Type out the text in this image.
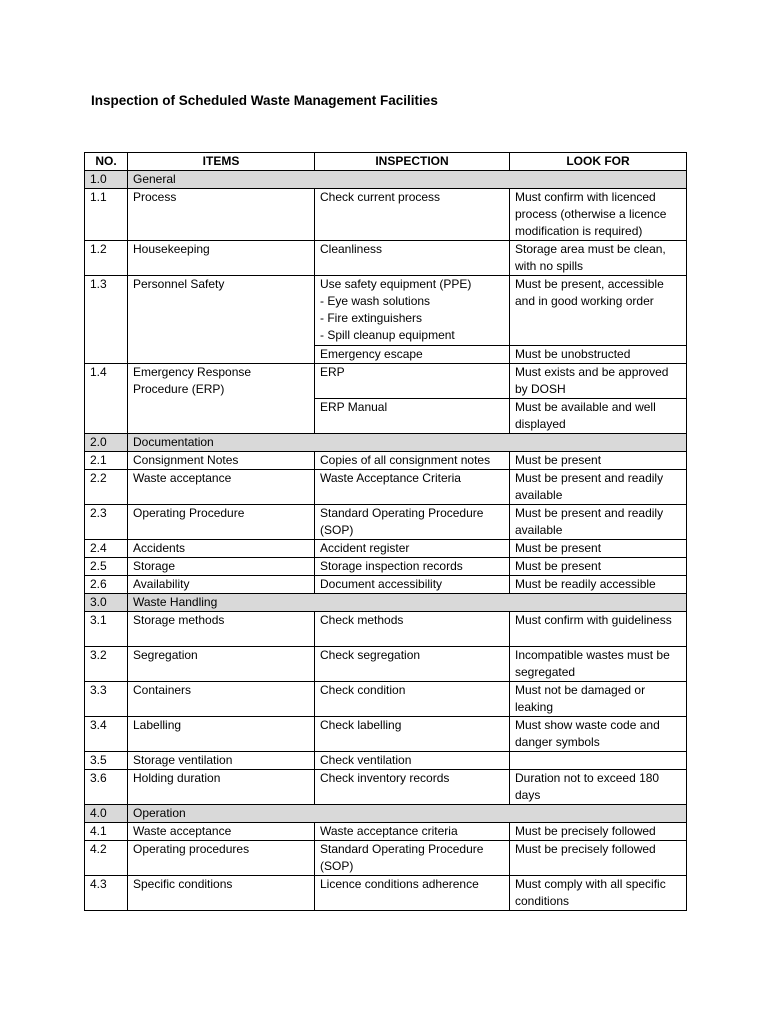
Inspection of Scheduled Waste Management Facilities
NO.	ITEMS	INSPECTION	LOOK FOR
1.0	General		
1.1	Process	Check current process	Must confirm with licenced process (otherwise a licence modification is required)
1.2	Housekeeping	Cleanliness	Storage area must be clean, with no spills
1.3	Personnel Safety	Use safety equipment (PPE)
- Eye wash solutions
- Fire extinguishers
- Spill cleanup equipment	Must be present, accessible and in good working order
		Emergency escape	Must be unobstructed
1.4	Emergency Response Procedure (ERP)	ERP	Must exists and be approved by DOSH
		ERP Manual	Must be available and well displayed
2.0	Documentation		
2.1	Consignment Notes	Copies of all consignment notes	Must be present
2.2	Waste acceptance	Waste Acceptance Criteria	Must be present and readily available
2.3	Operating Procedure	Standard Operating Procedure (SOP)	Must be present and readily available
2.4	Accidents	Accident register	Must be present
2.5	Storage	Storage inspection records	Must be present
2.6	Availability	Document accessibility	Must be readily accessible
3.0	Waste Handling		
3.1	Storage methods	Check methods	Must confirm with guideliness
3.2	Segregation	Check segregation	Incompatible wastes must be segregated
3.3	Containers	Check condition	Must not be damaged or leaking
3.4	Labelling	Check labelling	Must show waste code and danger symbols
3.5	Storage ventilation	Check ventilation	
3.6	Holding duration	Check inventory records	Duration not to exceed 180 days
4.0	Operation		
4.1	Waste acceptance	Waste acceptance criteria	Must be precisely followed
4.2	Operating procedures	Standard Operating Procedure (SOP)	Must be precisely followed
4.3	Specific conditions	Licence conditions adherence	Must comply with all specific conditions
